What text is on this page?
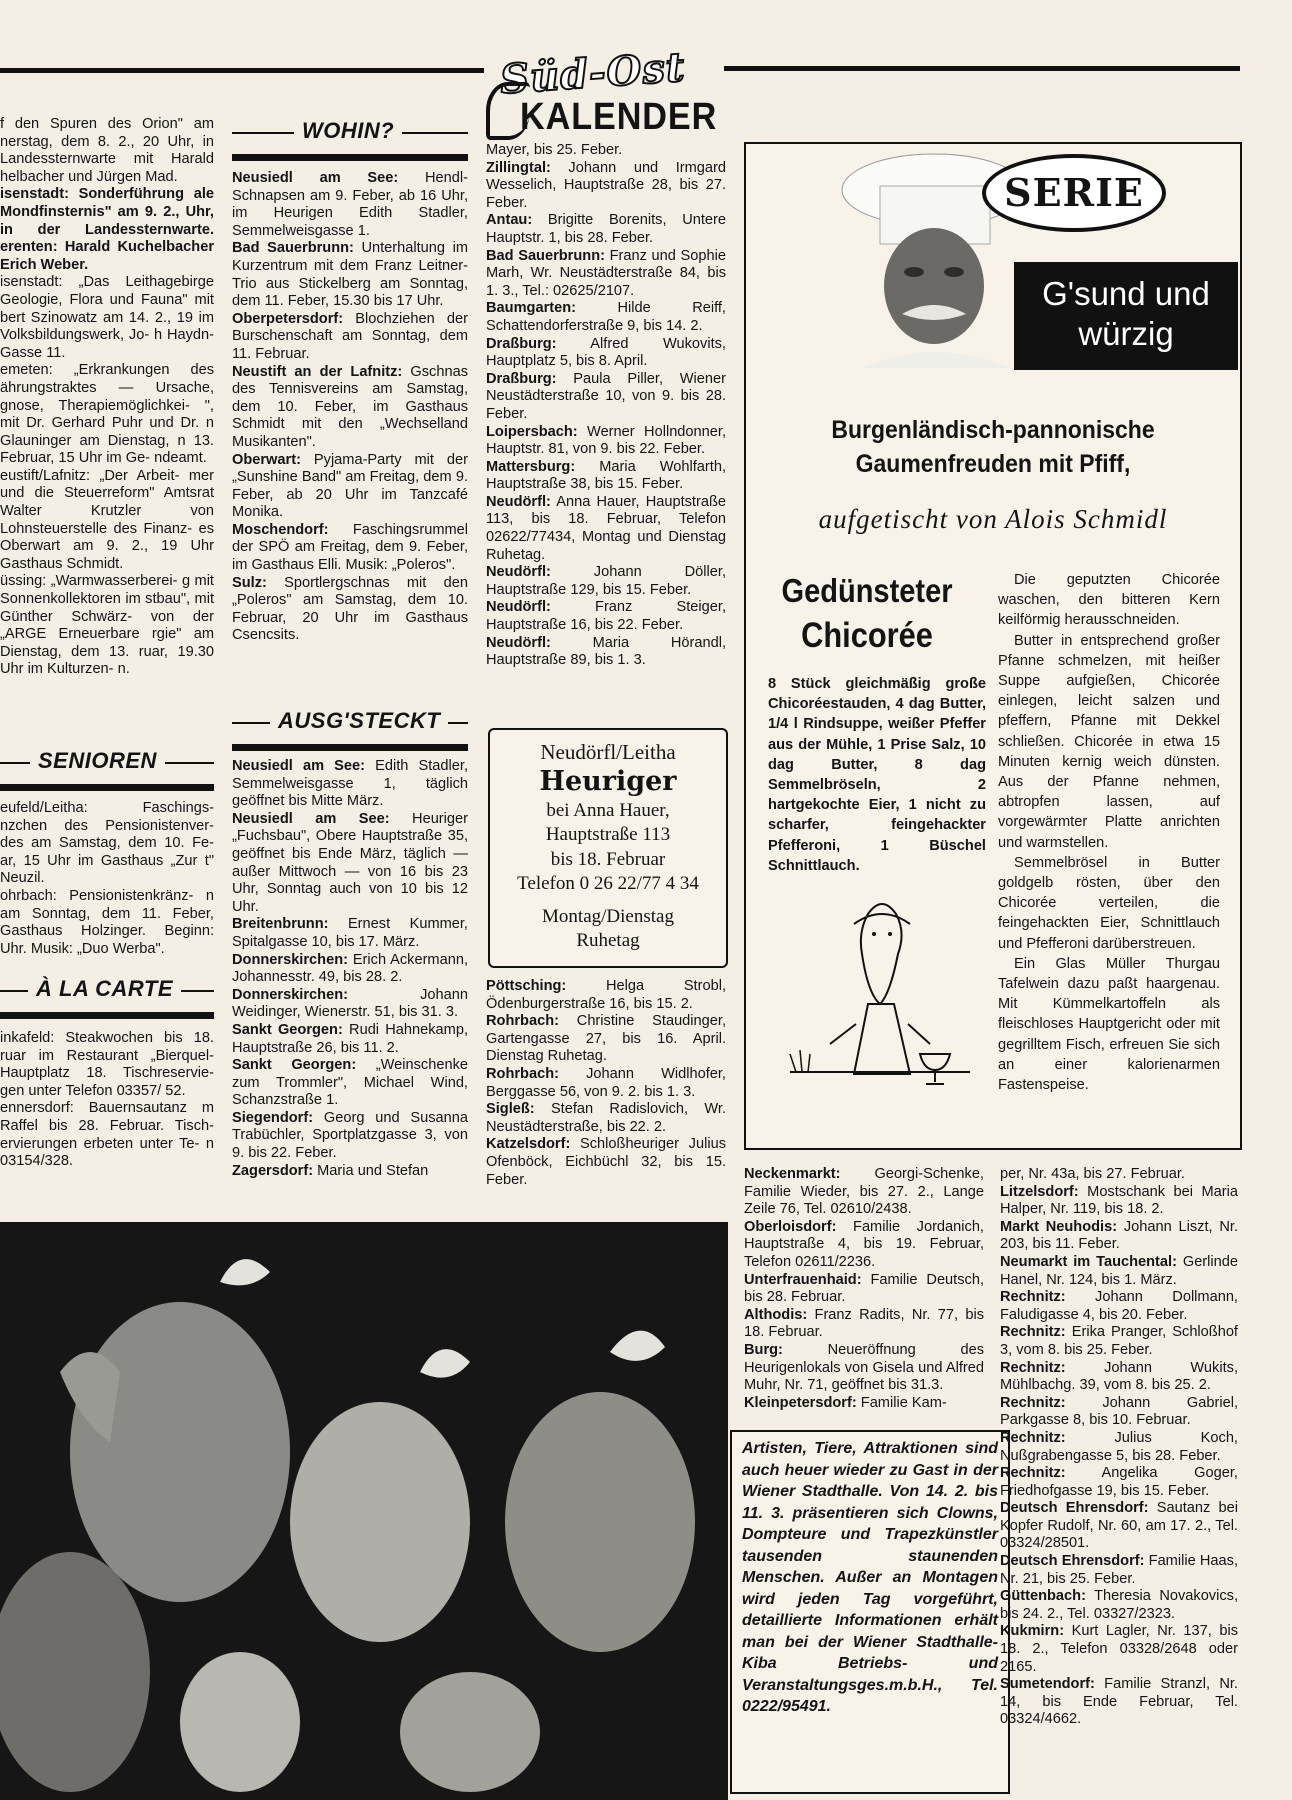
Süd-Ost
KALENDER

f den Spuren des Orion" am nerstag, dem 8. 2., 20 Uhr, in Landessternwarte mit Harald helbacher und Jürgen Mad.

isenstadt: Sonderführung ale Mondfinsternis" am 9. 2., Uhr, in der Landessternwarte. erenten: Harald Kuchelbacher Erich Weber.

isenstadt: „Das Leithagebirge Geologie, Flora und Fauna" mit bert Szinowatz am 14. 2., 19 im Volksbildungswerk, Jo- h Haydn-Gasse 11.

emeten: „Erkrankungen des ährungstraktes — Ursache, gnose, Therapiemöglichkei- ", mit Dr. Gerhard Puhr und Dr. n Glauninger am Dienstag, n 13. Februar, 15 Uhr im Ge- ndeamt.

eustift/Lafnitz: „Der Arbeit- mer und die Steuerreform" Amtsrat Walter Krutzler von Lohnsteuerstelle des Finanz- es Oberwart am 9. 2., 19 Uhr Gasthaus Schmidt.

üssing: „Warmwasserberei- g mit Sonnenkollektoren im stbau", mit Günther Schwärz- von der „ARGE Erneuerbare rgie" am Dienstag, dem 13. ruar, 19.30 Uhr im Kulturzen- n.

SENIOREN

eufeld/Leitha: Faschings- nzchen des Pensionistenver- des am Samstag, dem 10. Fe- ar, 15 Uhr im Gasthaus „Zur t" Neuzil.

ohrbach: Pensionistenkränz- n am Sonntag, dem 11. Feber, Gasthaus Holzinger. Beginn: Uhr. Musik: „Duo Werba".

À LA CARTE

inkafeld: Steakwochen bis 18. ruar im Restaurant „Bierquel- Hauptplatz 18. Tischreservie- gen unter Telefon 03357/ 52.

ennersdorf: Bauernsautanz m Raffel bis 28. Februar. Tisch- ervierungen erbeten unter Te- n 03154/328.

WOHIN?

Neusiedl am See: Hendl-Schnapsen am 9. Feber, ab 16 Uhr, im Heurigen Edith Stadler, Semmelweisgasse 1.

Bad Sauerbrunn: Unterhaltung im Kurzentrum mit dem Franz Leitner-Trio aus Stickelberg am Sonntag, dem 11. Feber, 15.30 bis 17 Uhr.

Oberpetersdorf: Blochziehen der Burschenschaft am Sonntag, dem 11. Februar.

Neustift an der Lafnitz: Gschnas des Tennisvereins am Samstag, dem 10. Feber, im Gasthaus Schmidt mit den „Wechselland Musikanten".

Oberwart: Pyjama-Party mit der „Sunshine Band" am Freitag, dem 9. Feber, ab 20 Uhr im Tanzcafé Monika.

Moschendorf: Faschingsrummel der SPÖ am Freitag, dem 9. Feber, im Gasthaus Elli. Musik: „Poleros".

Sulz: Sportlergschnas mit den „Poleros" am Samstag, dem 10. Februar, 20 Uhr im Gasthaus Csencsits.

AUSG'STECKT

Neusiedl am See: Edith Stadler, Semmelweisgasse 1, täglich geöffnet bis Mitte März.

Neusiedl am See: Heuriger „Fuchsbau", Obere Hauptstraße 35, geöffnet bis Ende März, täglich — außer Mittwoch — von 16 bis 23 Uhr, Sonntag auch von 10 bis 12 Uhr.

Breitenbrunn: Ernest Kummer, Spitalgasse 10, bis 17. März.

Donnerskirchen: Erich Ackermann, Johannesstr. 49, bis 28. 2.

Donnerskirchen: Johann Weidinger, Wienerstr. 51, bis 31. 3.

Sankt Georgen: Rudi Hahnekamp, Hauptstraße 26, bis 11. 2.

Sankt Georgen: „Weinschenke zum Trommler", Michael Wind, Schanzstraße 1.

Siegendorf: Georg und Susanna Trabüchler, Sportplatzgasse 3, von 9. bis 22. Feber.

Zagersdorf: Maria und Stefan

Mayer, bis 25. Feber.

Zillingtal: Johann und Irmgard Wesselich, Hauptstraße 28, bis 27. Feber.

Antau: Brigitte Borenits, Untere Hauptstr. 1, bis 28. Feber.

Bad Sauerbrunn: Franz und Sophie Marh, Wr. Neustädterstraße 84, bis 1. 3., Tel.: 02625/2107.

Baumgarten: Hilde Reiff, Schattendorferstraße 9, bis 14. 2.

Draßburg: Alfred Wukovits, Hauptplatz 5, bis 8. April.

Draßburg: Paula Piller, Wiener Neustädterstraße 10, von 9. bis 28. Feber.

Loipersbach: Werner Hollndonner, Hauptstr. 81, von 9. bis 22. Feber.

Mattersburg: Maria Wohlfarth, Hauptstraße 38, bis 15. Feber.

Neudörfl: Anna Hauer, Hauptstraße 113, bis 18. Februar, Telefon 02622/77434, Montag und Dienstag Ruhetag.

Neudörfl: Johann Döller, Hauptstraße 129, bis 15. Feber.

Neudörfl: Franz Steiger, Hauptstraße 16, bis 22. Feber.

Neudörfl: Maria Hörandl, Hauptstraße 89, bis 1. 3.

Neudörfl/Leitha
Heuriger
bei Anna Hauer,
Hauptstraße 113
bis 18. Februar
Telefon 0 26 22/77 4 34
Montag/Dienstag
Ruhetag

Pöttsching: Helga Strobl, Ödenburgerstraße 16, bis 15. 2.

Rohrbach: Christine Staudinger, Gartengasse 27, bis 16. April. Dienstag Ruhetag.

Rohrbach: Johann Widlhofer, Berggasse 56, von 9. 2. bis 1. 3.

Sigleß: Stefan Radislovich, Wr. Neustädterstraße, bis 22. 2.

Katzelsdorf: Schloßheuriger Julius Ofenböck, Eichbüchl 32, bis 15. Feber.

SERIE
G'sund und
würzig
Burgenländisch-pannonische
Gaumenfreuden mit Pfiff,
aufgetischt von Alois Schmidl
Gedünsteter
Chicorée
8 Stück gleichmäßig große Chicoréestauden, 4 dag Butter, 1/4 l Rindsuppe, weißer Pfeffer aus der Mühle, 1 Prise Salz, 10 dag Butter, 8 dag Semmelbröseln, 2 hartgekochte Eier, 1 nicht zu scharfer, feingehackter Pfefferoni, 1 Büschel Schnittlauch.

Die geputzten Chicorée waschen, den bitteren Kern keilförmig herausschneiden.

Butter in entsprechend großer Pfanne schmelzen, mit heißer Suppe aufgießen, Chicorée einlegen, leicht salzen und pfeffern, Pfanne mit Dekkel schließen. Chicorée in etwa 15 Minuten kernig weich dünsten. Aus der Pfanne nehmen, abtropfen lassen, auf vorgewärmter Platte anrichten und warmstellen.

Semmelbrösel in Butter goldgelb rösten, über den Chicorée verteilen, die feingehackten Eier, Schnittlauch und Pfefferoni darüberstreuen.

Ein Glas Müller Thurgau Tafelwein dazu paßt haargenau. Mit Kümmelkartoffeln als fleischloses Hauptgericht oder mit gegrilltem Fisch, erfreuen Sie sich an einer kalorienarmen Fastenspeise.

Neckenmarkt: Georgi-Schenke, Familie Wieder, bis 27. 2., Lange Zeile 76, Tel. 02610/2438.

Oberloisdorf: Familie Jordanich, Hauptstraße 4, bis 19. Februar, Telefon 02611/2236.

Unterfrauenhaid: Familie Deutsch, bis 28. Februar.

Althodis: Franz Radits, Nr. 77, bis 18. Februar.

Burg: Neueröffnung des Heurigenlokals von Gisela und Alfred Muhr, Nr. 71, geöffnet bis 31.3.

Kleinpetersdorf: Familie Kam-

Artisten, Tiere, Attraktionen sind auch heuer wieder zu Gast in der Wiener Stadthalle. Von 14. 2. bis 11. 3. präsentieren sich Clowns, Dompteure und Trapezkünstler tausenden staunenden Menschen. Außer an Montagen wird jeden Tag vorgeführt, detaillierte Informationen erhält man bei der Wiener Stadthalle-Kiba Betriebs- und Veranstaltungsges.m.b.H., Tel. 0222/95491.

per, Nr. 43a, bis 27. Februar.

Litzelsdorf: Mostschank bei Maria Halper, Nr. 119, bis 18. 2.

Markt Neuhodis: Johann Liszt, Nr. 203, bis 11. Feber.

Neumarkt im Tauchental: Gerlinde Hanel, Nr. 124, bis 1. März.

Rechnitz: Johann Dollmann, Faludigasse 4, bis 20. Feber.

Rechnitz: Erika Pranger, Schloßhof 3, vom 8. bis 25. Feber.

Rechnitz: Johann Wukits, Mühlbachg. 39, vom 8. bis 25. 2.

Rechnitz: Johann Gabriel, Parkgasse 8, bis 10. Februar.

Rechnitz: Julius Koch, Nußgrabengasse 5, bis 28. Feber.

Rechnitz: Angelika Goger, Friedhofgasse 19, bis 15. Feber.

Deutsch Ehrensdorf: Sautanz bei Kopfer Rudolf, Nr. 60, am 17. 2., Tel. 03324/28501.

Deutsch Ehrensdorf: Familie Haas, Nr. 21, bis 25. Feber.

Güttenbach: Theresia Novakovics, bis 24. 2., Tel. 03327/2323.

Kukmirn: Kurt Lagler, Nr. 137, bis 18. 2., Telefon 03328/2648 oder 2165.

Sumetendorf: Familie Stranzl, Nr. 14, bis Ende Februar, Tel. 03324/4662.
